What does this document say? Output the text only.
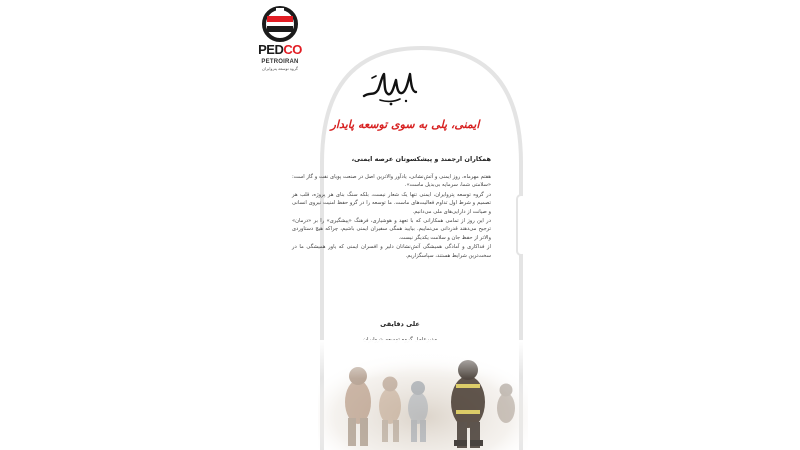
PEDCO
PETROIRAN
گروه توسعه پتروایران
ایمنی، پلی به سوی توسعه پایدار
همکاران ارجمند و پیشکسوتان عرصه ایمنی،

هفتم مهرماه، روز ایمنی و آتش‌نشانی، یادآور والاترین اصل در صنعت پویای نفت و گاز است: «سلامتی شما، سرمایه بی‌بدیل ماست».

در گروه توسعه پتروایران، ایمنی تنها یک شعار نیست، بلکه سنگ بنای هر پروژه، قلب هر تصمیم و شرط اول تداوم فعالیت‌های ماست. ما توسعه را در گرو حفظ امنیت نیروی انسانی و صیانت از دارایی‌های ملی می‌دانیم.

در این روز از تمامی همکارانی که با تعهد و هوشیاری، فرهنگ «پیشگیری» را بر «درمان» ترجیح می‌دهند قدردانی می‌نماییم. بیایید همگی سفیران ایمنی باشیم، چراکه هیچ دستاوردی والاتر از حفظ جان و سلامت یکدیگر نیست.

از فداکاری و آمادگی همیشگی آتش‌نشانان دلیر و افسران ایمنی که یاور همیشگی ما در سخت‌ترین شرایط هستند، سپاسگزاریم.

علی دقایقی
